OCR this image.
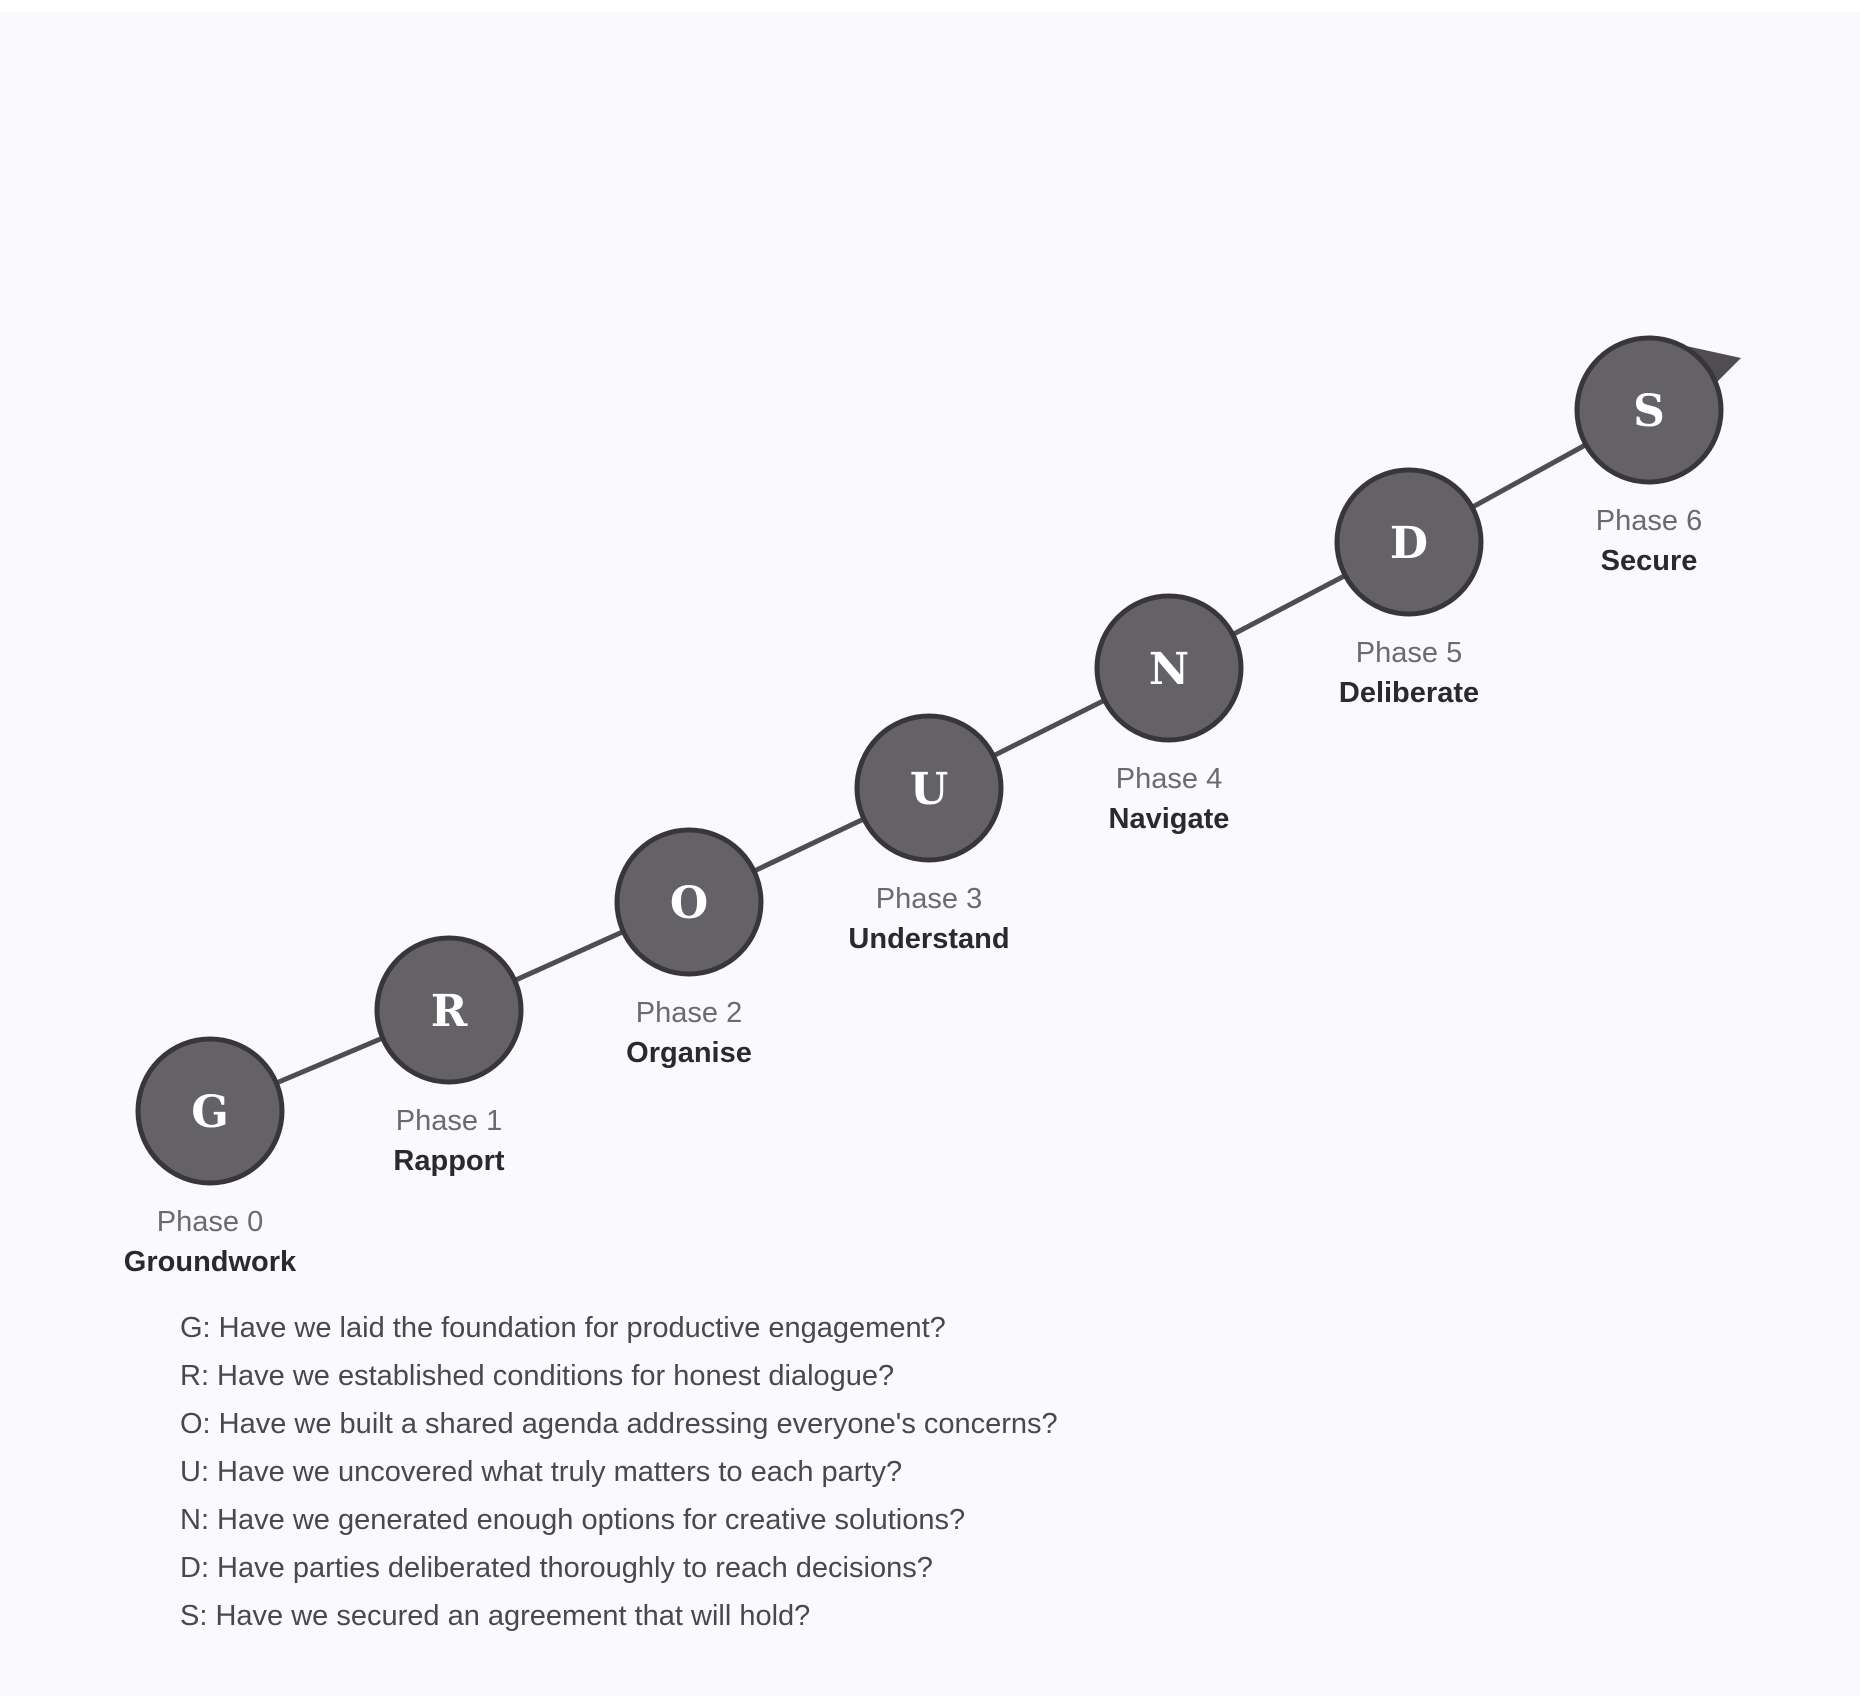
G
Phase 0
Groundwork
R
Phase 1
Rapport
O
Phase 2
Organise
U
Phase 3
Understand
N
Phase 4
Navigate
D
Phase 5
Deliberate
S
Phase 6
Secure
G: Have we laid the foundation for productive engagement?
R: Have we established conditions for honest dialogue?
O: Have we built a shared agenda addressing everyone's concerns?
U: Have we uncovered what truly matters to each party?
N: Have we generated enough options for creative solutions?
D: Have parties deliberated thoroughly to reach decisions?
S: Have we secured an agreement that will hold?
